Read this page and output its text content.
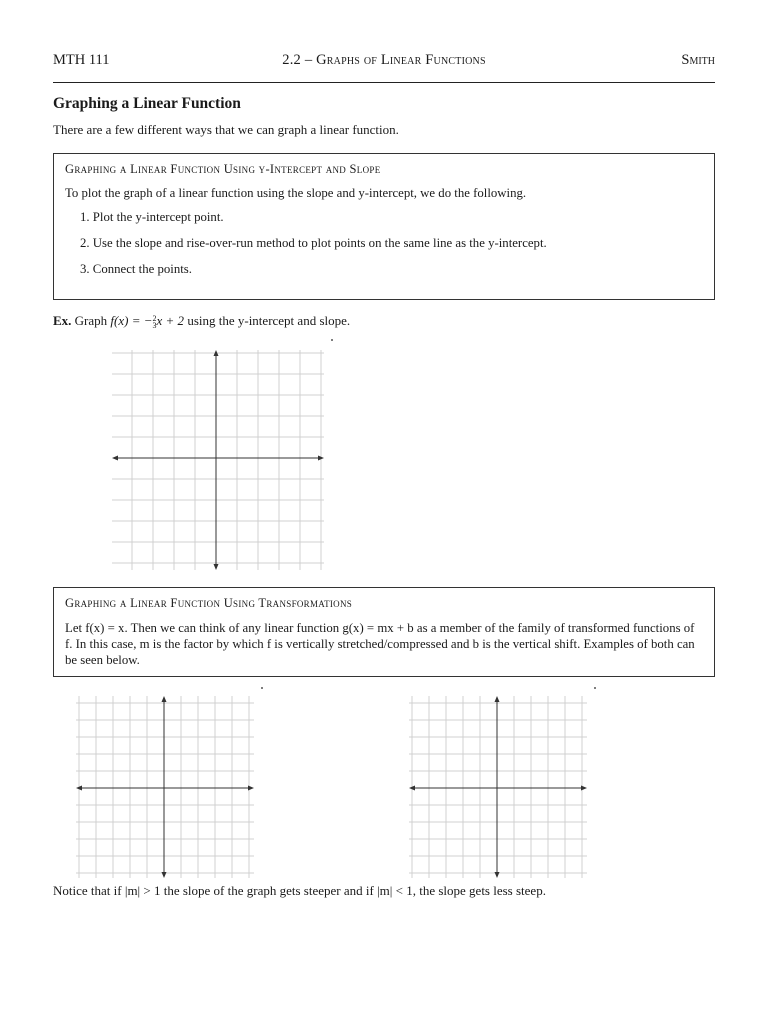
MTH 111	2.2 – Graphs of Linear Functions	Smith
Graphing a Linear Function
There are a few different ways that we can graph a linear function.
Graphing a Linear Function Using y-Intercept and Slope
To plot the graph of a linear function using the slope and y-intercept, we do the following.
1. Plot the y-intercept point.
2. Use the slope and rise-over-run method to plot points on the same line as the y-intercept.
3. Connect the points.
Ex. Graph f(x) = −2
3x + 2 using the y-intercept and slope.
Graphing a Linear Function Using Transformations
Let f(x) = x. Then we can think of any linear function g(x) = mx + b as a member of the family of transformed functions of f. In this case, m is the factor by which f is vertically stretched/compressed and b is the vertical shift. Examples of both can be seen below.
Notice that if |m| > 1 the slope of the graph gets steeper and if |m| < 1, the slope gets less steep.
